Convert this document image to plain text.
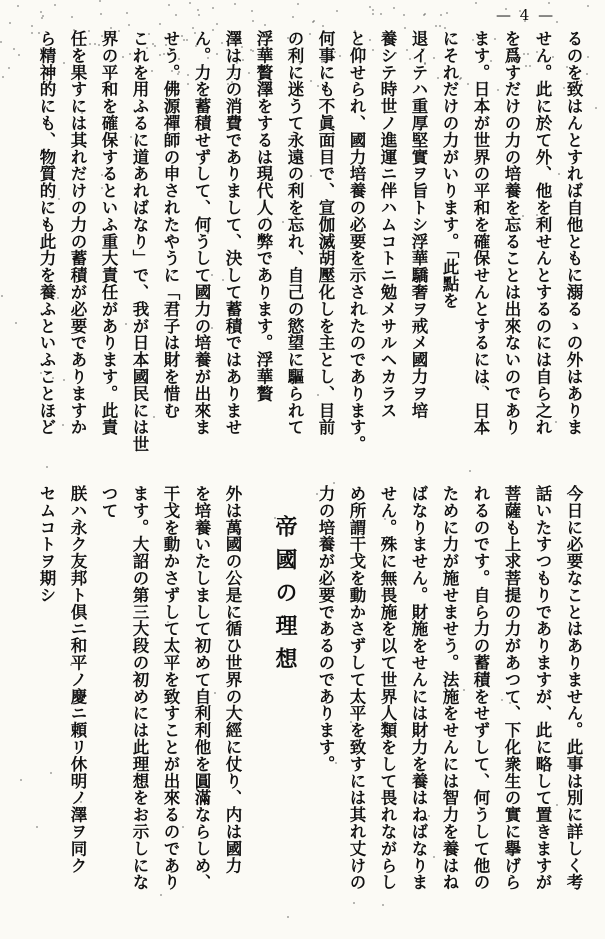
— 4 —
るのを致はんとすれば自他ともに溺るゝの外はありま
せん。此に於て外、他を利せんとするのには自ら之れ
を爲すだけの力の培養を忘ることは出來ないのであり
ます。日本が世界の平和を確保せんとするには、日本
にそれだけの力がいります。「此點を
退イテハ重厚堅實ヲ旨トシ浮華驕奢ヲ戒メ國力ヲ培
養シテ時世ノ進運ニ伴ハムコトニ勉メサルヘカラス
と仰せられ、國力培養の必要を示されたのであります。
何事にも不眞面目で、宣伽滅胡壓化しを主とし、目前
の利に迷うて永遠の利を忘れ、自己の慾望に驅られて
浮華贅澤をするは現代人の弊であります。浮華贅
澤は力の消費でありまして、決して蓄積ではありませ
ん。力を蓄積せずして、何うして國力の培養が出來ま
せう。佛源禪師の申されたやうに「君子は財を惜む
これを用ふるに道あればなり」で、我が日本國民には世
界の平和を確保するといふ重大責任があります。此責
任を果すには其れだけの力の蓄積が必要でありますか
ら精神的にも、物質的にも此力を養ふといふことほど
今日に必要なことはありません。此事は別に詳しく考
話いたすつもりでありますが、此に略して置きますが
菩薩も上求菩提の力があつて、下化衆生の實に擧げら
れるのです。自ら力の蓄積をせずして、何うして他の
ために力が施せませう。法施をせんには智力を養はね
ばなりません。財施をせんには財力を養はねばなりま
せん。殊に無畏施を以て世界人類をして畏れながらし
め所謂干戈を動かさずして太平を致すには其れ丈けの
力の培養が必要であるのであります。
帝國の理想
外は萬國の公是に循ひ世界の大經に仗り、内は國力
を培養いたしまして初めて自利利他を圓滿ならしめ、
干戈を動かさずして太平を致すことが出來るのであり
ます。大詔の第三大段の初めには此理想をお示しにな
つて
朕ハ永ク友邦ト倶ニ和平ノ慶ニ頼リ休明ノ澤ヲ同ク
セムコトヲ期シ
